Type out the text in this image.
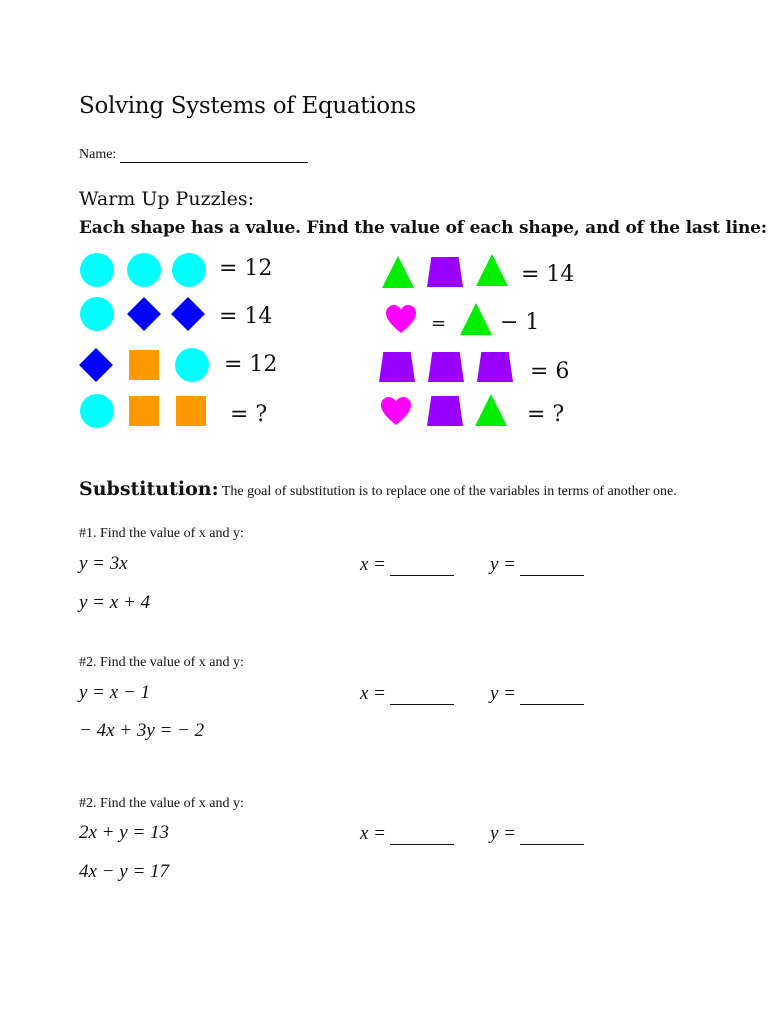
Solving Systems of Equations
Name:
Warm Up Puzzles:
Each shape has a value. Find the value of each shape, and of the last line:
= 12
= 14
= 12
= ?
= 14
= − 1
= 6
= ?
Substitution: The goal of substitution is to replace one of the variables in terms of another one.
#1. Find the value of x and y:
y = 3x
y = x + 4
x =	y =
#2. Find the value of x and y:
y = x − 1
− 4x + 3y = − 2
x =	y =
#2. Find the value of x and y:
2x + y = 13
4x − y = 17
x =	y =
